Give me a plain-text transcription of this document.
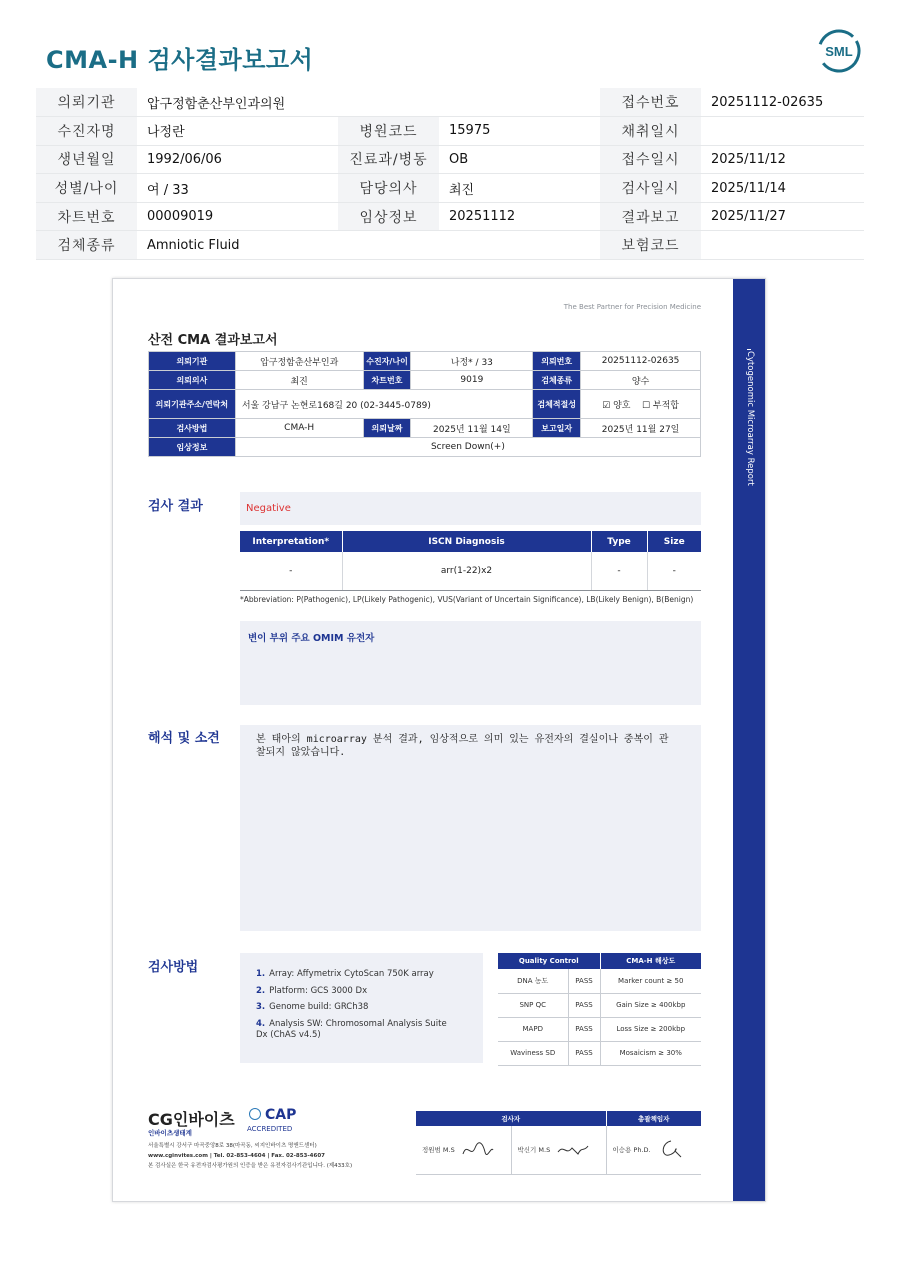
CMA-H 검사결과보고서	SML
의뢰기관	압구정함춘산부인과의원			접수번호	20251112-02635
수진자명	나정란	병원코드	15975	채취일시	
생년월일	1992/06/06	진료과/병동	OB	접수일시	2025/11/12
성별/나이	여 / 33	담당의사	최진	검사일시	2025/11/14
차트번호	00009019	임상정보	20251112	결과보고	2025/11/27
검체종류	Amniotic Fluid			보험코드	
Cytogenomic Microarray Report
The Best Partner for Precision Medicine
산전 CMA 결과보고서
의뢰기관	압구정함춘산부인과	수진자/나이	나정* / 33	의뢰번호	20251112-02635
의뢰의사	최진	차트번호	9019	검체종류	양수
의뢰기관주소/연락처	서울 강남구 논현로168길 20 (02-3445-0789)			검체적절성	☑ 양호 ☐ 부적합
검사방법	CMA-H	의뢰날짜	2025년 11월 14일	보고일자	2025년 11월 27일
임상정보	Screen Down(+)				
검사 결과	Negative
Interpretation*	ISCN Diagnosis	Type	Size
-	arr(1-22)x2	-	-
*Abbreviation: P(Pathogenic), LP(Likely Pathogenic), VUS(Variant of Uncertain Significance), LB(Likely Benign), B(Benign)
변이 부위 주요 OMIM 유전자
해석 및 소견	본 태아의 microarray 분석 결과, 임상적으로 의미 있는 유전자의 결실이나 중복이 관찰되지 않았습니다.
검사방법	1. Array: Affymetrix CytoScan 750K array
2. Platform: GCS 3000 Dx
3. Genome build: GRCh38
4. Analysis SW: Chromosomal Analysis Suite Dx (ChAS v4.5)
Quality Control		CMA-H 해상도
DNA 농도	PASS	Marker count ≥ 50
SNP QC	PASS	Gain Size ≥ 400kbp
MAPD	PASS	Loss Size ≥ 200kbp
Waviness SD	PASS	Mosaicism ≥ 30%
CG인바이츠
인바이츠생태계
CAP
ACCREDITED
서울특별시 강서구 마곡중앙8로 38(마곡동, 씨지인바이츠 명앤드센터)
www.cginvites.com | Tel. 02-853-4604 | Fax. 02-853-4607
본 검사실은 한국 유전자검사평가원의 인증을 받은 유전자검사기관입니다. (제433호)
검사자		총괄책임자
정원범 M.S	박신기 M.S	이승용 Ph.D.
